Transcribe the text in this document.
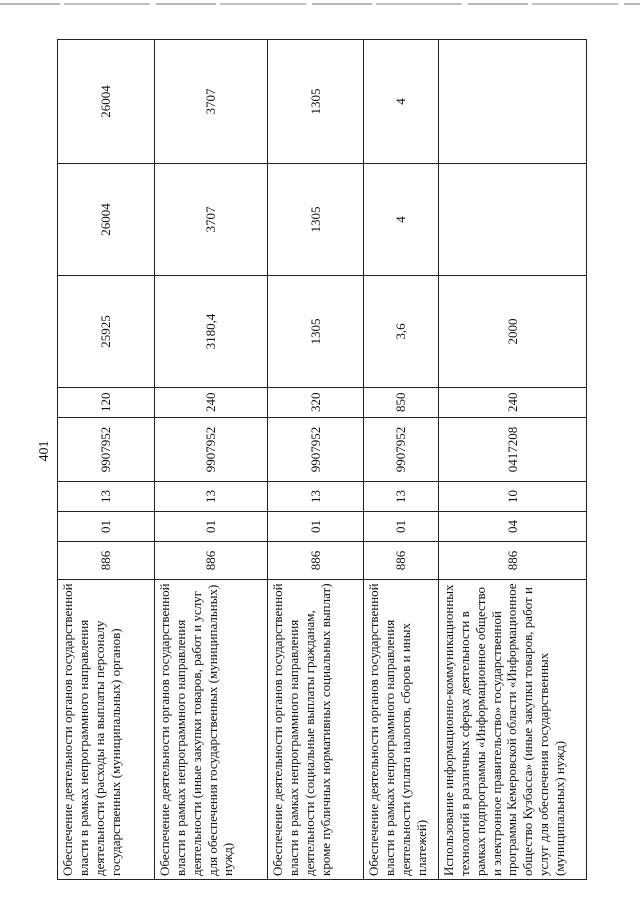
401
Обеспечение деятельности органов государственной власти в рамках непрограммного направления деятельности (расходы на выплаты персоналу государственных (муниципальных) органов)	886	01	13	9907952	120	25925	26004	26004
Обеспечение деятельности органов государственной власти в рамках непрограммного направления деятельности (иные закупки товаров, работ и услуг для обеспечения государственных (муниципальных) нужд)	886	01	13	9907952	240	3180,4	3707	3707
Обеспечение деятельности органов государственной власти в рамках непрограммного направления деятельности (социальные выплаты гражданам, кроме публичных нормативных социальных выплат)	886	01	13	9907952	320	1305	1305	1305
Обеспечение деятельности органов государственной власти в рамках непрограммного направления деятельности (уплата налогов, сборов и иных платежей)	886	01	13	9907952	850	3,6	4	4
Использование информационно-коммуникационных технологий в различных сферах деятельности в рамках подпрограммы «Информационное общество и электронное правительство» государственной программы Кемеровской области «Информационное общество Кузбасса» (иные закупки товаров, работ и услуг для обеспечения государственных (муниципальных) нужд)	886	04	10	0417208	240	2000		
